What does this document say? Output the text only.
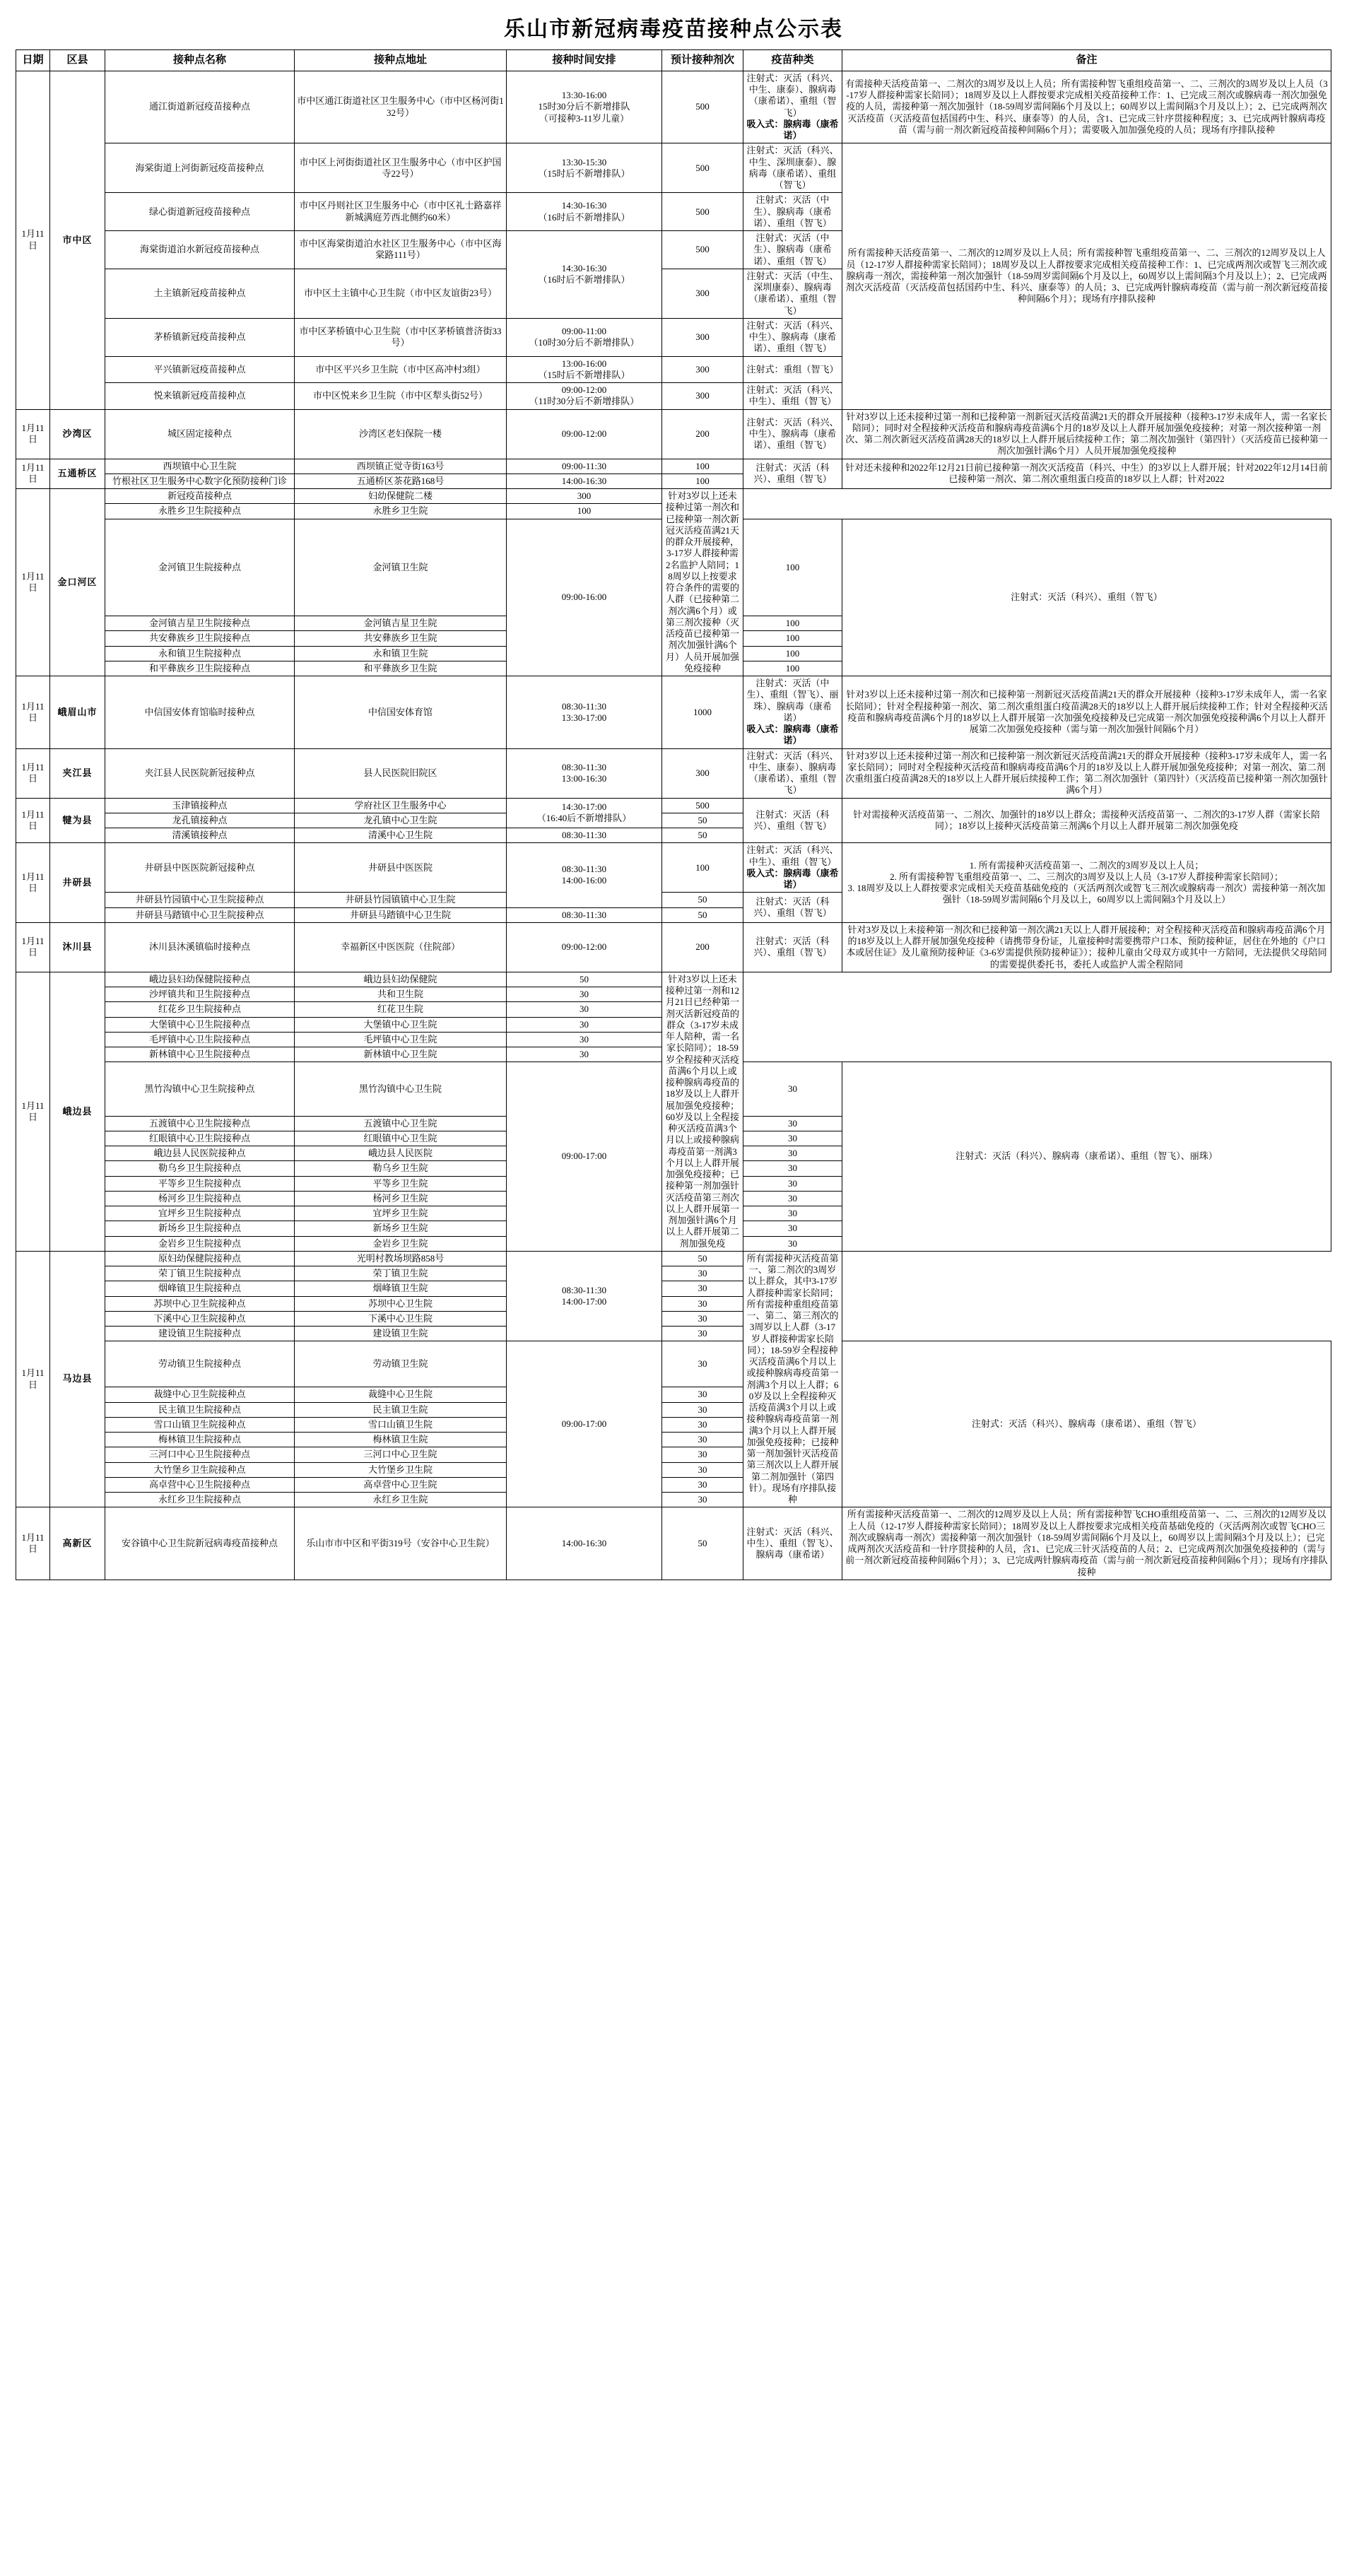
乐山市新冠病毒疫苗接种点公示表
日期	区县	接种点名称	接种点地址	接种时间安排	预计接种剂次	疫苗种类	备注
1月11日	市中区	通江街道新冠疫苗接种点	市中区通江街道社区卫生服务中心（市中区杨河街132号）	13:30-16:00
15时30分后不新增排队
（可接种3-11岁儿童）	500	注射式：灭活（科兴、中生、康泰）、腺病毒（康希诺）、重组（智飞）
吸入式：腺病毒（康希诺）	有需接种天活疫苗第一、二剂次的3周岁及以上人员；所有需接种智飞重组疫苗第一、二、三剂次的3周岁及以上人员（3-17岁人群接种需家长陪同）；18周岁及以上人群按要求完成相关疫苗接种工作：1、已完成三剂次或腺病毒一剂次加强免疫的人员，需接种第一剂次加强针（18-59周岁需间隔6个月及以上；60周岁以上需间隔3个月及以上）；2、已完成两剂次灭活疫苗（灭活疫苗包括国药中生、科兴、康泰等）的人员，含1、已完成三针序贯接种程度；3、已完成两针腺病毒疫苗（需与前一剂次新冠疫苗接种间隔6个月）；需要吸入加加强免疫的人员；现场有序排队接种
		海棠街道上河街新冠疫苗接种点	市中区上河街街道社区卫生服务中心（市中区护国寺22号）	13:30-15:30
（15时后不新增排队）	500	注射式：灭活（科兴、中生、深圳康泰）、腺病毒（康希诺）、重组（智飞）	所有需接种天活疫苗第一、二剂次的12周岁及以上人员；所有需接种智飞重组疫苗第一、二、三剂次的12周岁及以上人员（12-17岁人群接种需家长陪同）；18周岁及以上人群按要求完成相关疫苗接种工作：1、已完成两剂次或智飞三剂次或腺病毒一剂次，需接种第一剂次加强针（18-59周岁需间隔6个月及以上，60周岁以上需间隔3个月及以上）；2、已完成两剂次灭活疫苗（灭活疫苗包括国药中生、科兴、康泰等）的人员；3、已完成两针腺病毒疫苗（需与前一剂次新冠疫苗接种间隔6个月）；现场有序排队接种
		绿心街道新冠疫苗接种点	市中区丹则社区卫生服务中心（市中区礼士路嘉祥新城满庭芳西北侧约60米）	14:30-16:30
（16时后不新增排队）	500	注射式：灭活（中生）、腺病毒（康希诺）、重组（智飞）	
		海棠街道泊水新冠疫苗接种点	市中区海棠街道泊水社区卫生服务中心（市中区海棠路111号）	14:30-16:30
（16时后不新增排队）	500	注射式：灭活（中生）、腺病毒（康希诺）、重组（智飞）	
		土主镇新冠疫苗接种点	市中区土主镇中心卫生院（市中区友谊街23号）		300	注射式：灭活（中生、深圳康泰）、腺病毒（康希诺）、重组（智飞）	
		茅桥镇新冠疫苗接种点	市中区茅桥镇中心卫生院（市中区茅桥镇普济街33号）	09:00-11:00
（10时30分后不新增排队）	300	注射式：灭活（科兴、中生）、腺病毒（康希诺）、重组（智飞）	
		平兴镇新冠疫苗接种点	市中区平兴乡卫生院（市中区高冲村3组）	13:00-16:00
（15时后不新增排队）	300	注射式：重组（智飞）	
		悦来镇新冠疫苗接种点	市中区悦来乡卫生院（市中区犁头街52号）	09:00-12:00
（11时30分后不新增排队）	300	注射式：灭活（科兴、中生）、重组（智飞）	
1月11日	沙湾区	城区固定接种点	沙湾区老妇保院一楼	09:00-12:00	200	注射式：灭活（科兴、中生）、腺病毒（康希诺）、重组（智飞）	针对3岁以上还未接种过第一剂和已接种第一剂新冠灭活疫苗满21天的群众开展接种（接种3-17岁未成年人，需一名家长陪同）；同时对全程接种灭活疫苗和腺病毒疫苗满6个月的18岁及以上人群开展加强免疫接种；对第一剂次接种第一剂次、第二剂次新冠灭活疫苗满28天的18岁以上人群开展后续接种工作；第二剂次加强针（第四针）（灭活疫苗已接种第一剂次加强针满6个月）人员开展加强免疫接种
1月11日	五通桥区	西坝镇中心卫生院	西坝镇正觉寺街163号	09:00-11:30	100	注射式：灭活（科兴）、重组（智飞）	针对还未接种和2022年12月21日前已接种第一剂次灭活疫苗（科兴、中生）的3岁以上人群开展；针对2022年12月14日前已接种第一剂次、第二剂次重组蛋白疫苗的18岁以上人群；针对2022
		竹根社区卫生服务中心数字化预防接种门诊	五通桥区茶花路168号	14:00-16:30	100		
1月11日	金口河区	新冠疫苗接种点	妇幼保健院二楼	300	针对3岁以上还未接种过第一剂次和已接种第一剂次新冠灭活疫苗满21天的群众开展接种，3-17岁人群接种需2名监护人陪同；18周岁以上按要求符合条件的需要的人群（已接种第二剂次满6个月）或第三剂次接种（灭活疫苗已接种第一剂次加强针满6个月）人员开展加强免疫接种		
		永胜乡卫生院接种点	永胜乡卫生院	100			
		金河镇卫生院接种点	金河镇卫生院	09:00-16:00		100	注射式：灭活（科兴）、重组（智飞）
		金河镇吉星卫生院接种点	金河镇吉星卫生院			100	
		共安彝族乡卫生院接种点	共安彝族乡卫生院			100	
		永和镇卫生院接种点	永和镇卫生院			100	
		和平彝族乡卫生院接种点	和平彝族乡卫生院			100	
1月11日	峨眉山市	中信国安体育馆临时接种点	中信国安体育馆	08:30-11:30
13:30-17:00	1000	注射式：灭活（中生）、重组（智飞）、丽珠）、腺病毒（康希诺）
吸入式：腺病毒（康希诺）	针对3岁以上还未接种过第一剂次和已接种第一剂新冠灭活疫苗满21天的群众开展接种（接种3-17岁未成年人，需一名家长陪同）；针对全程接种第一剂次、第二剂次重组蛋白疫苗满28天的18岁以上人群开展后续接种工作；针对全程接种灭活疫苗和腺病毒疫苗满6个月的18岁以上人群开展第一次加强免疫接种及已完成第一剂次加强免疫接种满6个月以上人群开展第二次加强免疫接种（需与第一剂次加强针间隔6个月）
1月11日	夹江县	夹江县人民医院新冠接种点	县人民医院旧院区	08:30-11:30
13:00-16:30	300	注射式：灭活（科兴、中生、康泰）、腺病毒（康希诺）、重组（智飞）	针对3岁以上还未接种过第一剂次和已接种第一剂次新冠灭活疫苗满21天的群众开展接种（接种3-17岁未成年人，需一名家长陪同）；同时对全程接种灭活疫苗和腺病毒疫苗满6个月的18岁及以上人群开展加强免疫接种；对第一剂次、第二剂次重组蛋白疫苗满28天的18岁以上人群开展后续接种工作；第二剂次加强针（第四针）（灭活疫苗已接种第一剂次加强针满6个月）
1月11日	犍为县	玉津镇接种点	学府社区卫生服务中心	14:30-17:00
（16:40后不新增排队）	500	注射式：灭活（科兴）、重组（智飞）	针对需接种灭活疫苗第一、二剂次、加强针的18岁以上群众；需接种灭活疫苗第一、二剂次的3-17岁人群（需家长陪同）；18岁以上接种灭活疫苗第三剂满6个月以上人群开展第二剂次加强免疫
		龙孔镇接种点	龙孔镇中心卫生院		50		
		清溪镇接种点	清溪中心卫生院	08:30-11:30	50		
1月11日	井研县	井研县中医医院新冠接种点	井研县中医医院	08:30-11:30
14:00-16:00	100	注射式：灭活（科兴、中生）、重组（智飞）
吸入式：腺病毒（康希诺）	1. 所有需接种灭活疫苗第一、二剂次的3周岁及以上人员；
2. 所有需接种智飞重组疫苗第一、二、三剂次的3周岁及以上人员（3-17岁人群接种需家长陪同）；
3. 18周岁及以上人群按要求完成相关天疫苗基础免疫的（灭活两剂次或智飞三剂次或腺病毒一剂次）需接种第一剂次加强针（18-59周岁需间隔6个月及以上，60周岁以上需间隔3个月及以上）
		井研县竹园镇中心卫生院接种点	井研县竹园镇镇中心卫生院		50	注射式：灭活（科兴）、重组（智飞）	
		井研县马踏镇中心卫生院接种点	井研县马踏镇中心卫生院	08:30-11:30	50		
1月11日	沐川县	沐川县沐溪镇临时接种点	幸福新区中医医院（住院部）	09:00-12:00	200	注射式：灭活（科兴）、重组（智飞）	针对3岁及以上未接种第一剂次和已接种第一剂次满21天以上人群开展接种；对全程接种灭活疫苗和腺病毒疫苗满6个月的18岁及以上人群开展加强免疫接种（请携带身份证，儿童接种时需要携带户口本、预防接种证，居住在外地的《户口本或居住证》及儿童预防接种证《3-6岁需提供预防接种证》）；接种儿童由父母双方或其中一方陪同，无法提供父母陪同的需要提供委托书，委托人或监护人需全程陪同
1月11日	峨边县	峨边县妇幼保健院接种点	峨边县妇幼保健院	50	针对3岁以上还未接种过第一剂和12月21日已经种第一剂灭活新冠疫苗的群众（3-17岁未成年人陪种，需一名家长陪同）；18-59岁全程接种灭活疫苗满6个月以上或接种腺病毒疫苗的18岁及以上人群开展加强免疫接种；60岁及以上全程接种灭活疫苗满3个月以上或接种腺病毒疫苗第一剂满3个月以上人群开展加强免疫接种；已接种第一剂加强针灭活疫苗第三剂次以上人群开展第一剂加强针满6个月以上人群开展第二剂加强免疫		
		沙坪镇共和卫生院接种点	共和卫生院	30			
		红花乡卫生院接种点	红花卫生院	30			
		大堡镇中心卫生院接种点	大堡镇中心卫生院	30			
		毛坪镇中心卫生院接种点	毛坪镇中心卫生院	30			
		新林镇中心卫生院接种点	新林镇中心卫生院	30			
		黑竹沟镇中心卫生院接种点	黑竹沟镇中心卫生院	09:00-17:00		30	注射式：灭活（科兴）、腺病毒（康希诺）、重组（智飞）、丽珠）
		五渡镇中心卫生院接种点	五渡镇中心卫生院			30	
		红眼镇中心卫生院接种点	红眼镇中心卫生院			30	
		峨边县人民医院接种点	峨边县人民医院			30	
		勒乌乡卫生院接种点	勒乌乡卫生院			30	
		平等乡卫生院接种点	平等乡卫生院			30	
		杨河乡卫生院接种点	杨河乡卫生院			30	
		宜坪乡卫生院接种点	宜坪乡卫生院			30	
		新场乡卫生院接种点	新场乡卫生院			30	
		金岩乡卫生院接种点	金岩乡卫生院			30	
1月11日	马边县	原妇幼保健院接种点	光明村教场坝路858号	08:30-11:30
14:00-17:00	50	所有需接种灭活疫苗第一、第二剂次的3周岁以上群众，其中3-17岁人群接种需家长陪同；所有需接种重组疫苗第一、第二、第三剂次的3周岁以上人群（3-17岁人群接种需家长陪同）；18-59岁全程接种灭活疫苗满6个月以上或接种腺病毒疫苗第一剂满3个月以上人群；60岁及以上全程接种灭活疫苗满3个月以上或接种腺病毒疫苗第一剂满3个月以上人群开展加强免疫接种；已接种第一剂加强针灭活疫苗第三剂次以上人群开展第二剂加强针（第四针）。现场有序排队接种	
		荣丁镇卫生院接种点	荣丁镇卫生院		30		
		烟峰镇卫生院接种点	烟峰镇卫生院		30		
		苏坝中心卫生院接种点	苏坝中心卫生院		30		
		下溪中心卫生院接种点	下溪中心卫生院		30		
		建设镇卫生院接种点	建设镇卫生院		30		
		劳动镇卫生院接种点	劳动镇卫生院	09:00-17:00	30		注射式：灭活（科兴）、腺病毒（康希诺）、重组（智飞）
		裁缝中心卫生院接种点	裁缝中心卫生院		30		
		民主镇卫生院接种点	民主镇卫生院		30		
		雪口山镇卫生院接种点	雪口山镇卫生院		30		
		梅林镇卫生院接种点	梅林镇卫生院		30		
		三河口中心卫生院接种点	三河口中心卫生院		30		
		大竹堡乡卫生院接种点	大竹堡乡卫生院		30		
		高卓营中心卫生院接种点	高卓营中心卫生院		30		
		永红乡卫生院接种点	永红乡卫生院		30		
1月11日	高新区	安谷镇中心卫生院新冠病毒疫苗接种点	乐山市市中区和平街319号（安谷中心卫生院）	14:00-16:30	50	注射式：灭活（科兴、中生）、重组（智飞）、腺病毒（康希诺）	所有需接种灭活疫苗第一、二剂次的12周岁及以上人员；所有需接种智飞CHO重组疫苗第一、二、三剂次的12周岁及以上人员（12-17岁人群接种需家长陪同）；18周岁及以上人群按要求完成相关疫苗基础免疫的（灭活两剂次或智飞CHO三剂次或腺病毒一剂次）需接种第一剂次加强针（18-59周岁需间隔6个月及以上，60周岁以上需间隔3个月及以上）；已完成两剂次灭活疫苗和一针序贯接种的人员，含1、已完成三针灭活疫苗的人员；2、已完成两剂次加强免疫接种的（需与前一剂次新冠疫苗接种间隔6个月）；3、已完成两针腺病毒疫苗（需与前一剂次新冠疫苗接种间隔6个月）；现场有序排队接种
